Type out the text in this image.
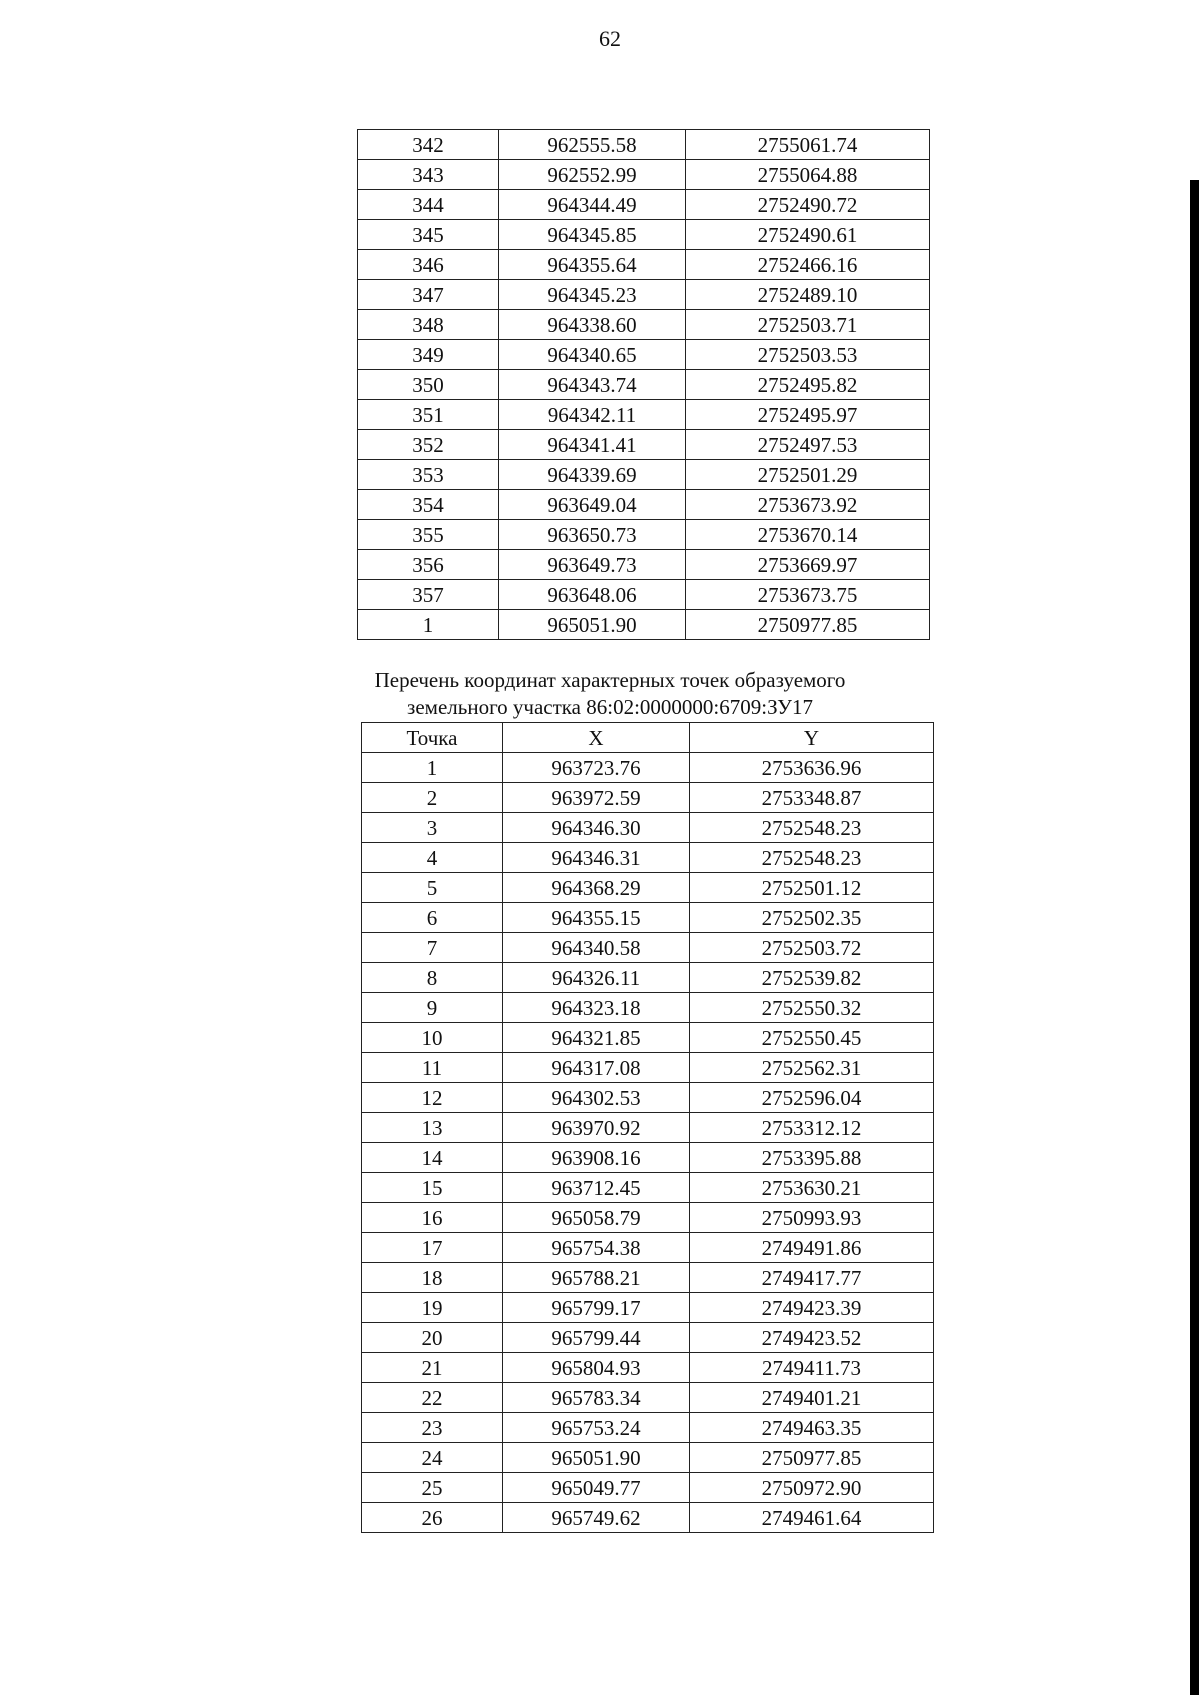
62
342	962555.58	2755061.74
343	962552.99	2755064.88
344	964344.49	2752490.72
345	964345.85	2752490.61
346	964355.64	2752466.16
347	964345.23	2752489.10
348	964338.60	2752503.71
349	964340.65	2752503.53
350	964343.74	2752495.82
351	964342.11	2752495.97
352	964341.41	2752497.53
353	964339.69	2752501.29
354	963649.04	2753673.92
355	963650.73	2753670.14
356	963649.73	2753669.97
357	963648.06	2753673.75
1	965051.90	2750977.85
Перечень координат характерных точек образуемого
земельного участка 86:02:0000000:6709:ЗУ17
Точка	X	Y
1	963723.76	2753636.96
2	963972.59	2753348.87
3	964346.30	2752548.23
4	964346.31	2752548.23
5	964368.29	2752501.12
6	964355.15	2752502.35
7	964340.58	2752503.72
8	964326.11	2752539.82
9	964323.18	2752550.32
10	964321.85	2752550.45
11	964317.08	2752562.31
12	964302.53	2752596.04
13	963970.92	2753312.12
14	963908.16	2753395.88
15	963712.45	2753630.21
16	965058.79	2750993.93
17	965754.38	2749491.86
18	965788.21	2749417.77
19	965799.17	2749423.39
20	965799.44	2749423.52
21	965804.93	2749411.73
22	965783.34	2749401.21
23	965753.24	2749463.35
24	965051.90	2750977.85
25	965049.77	2750972.90
26	965749.62	2749461.64
